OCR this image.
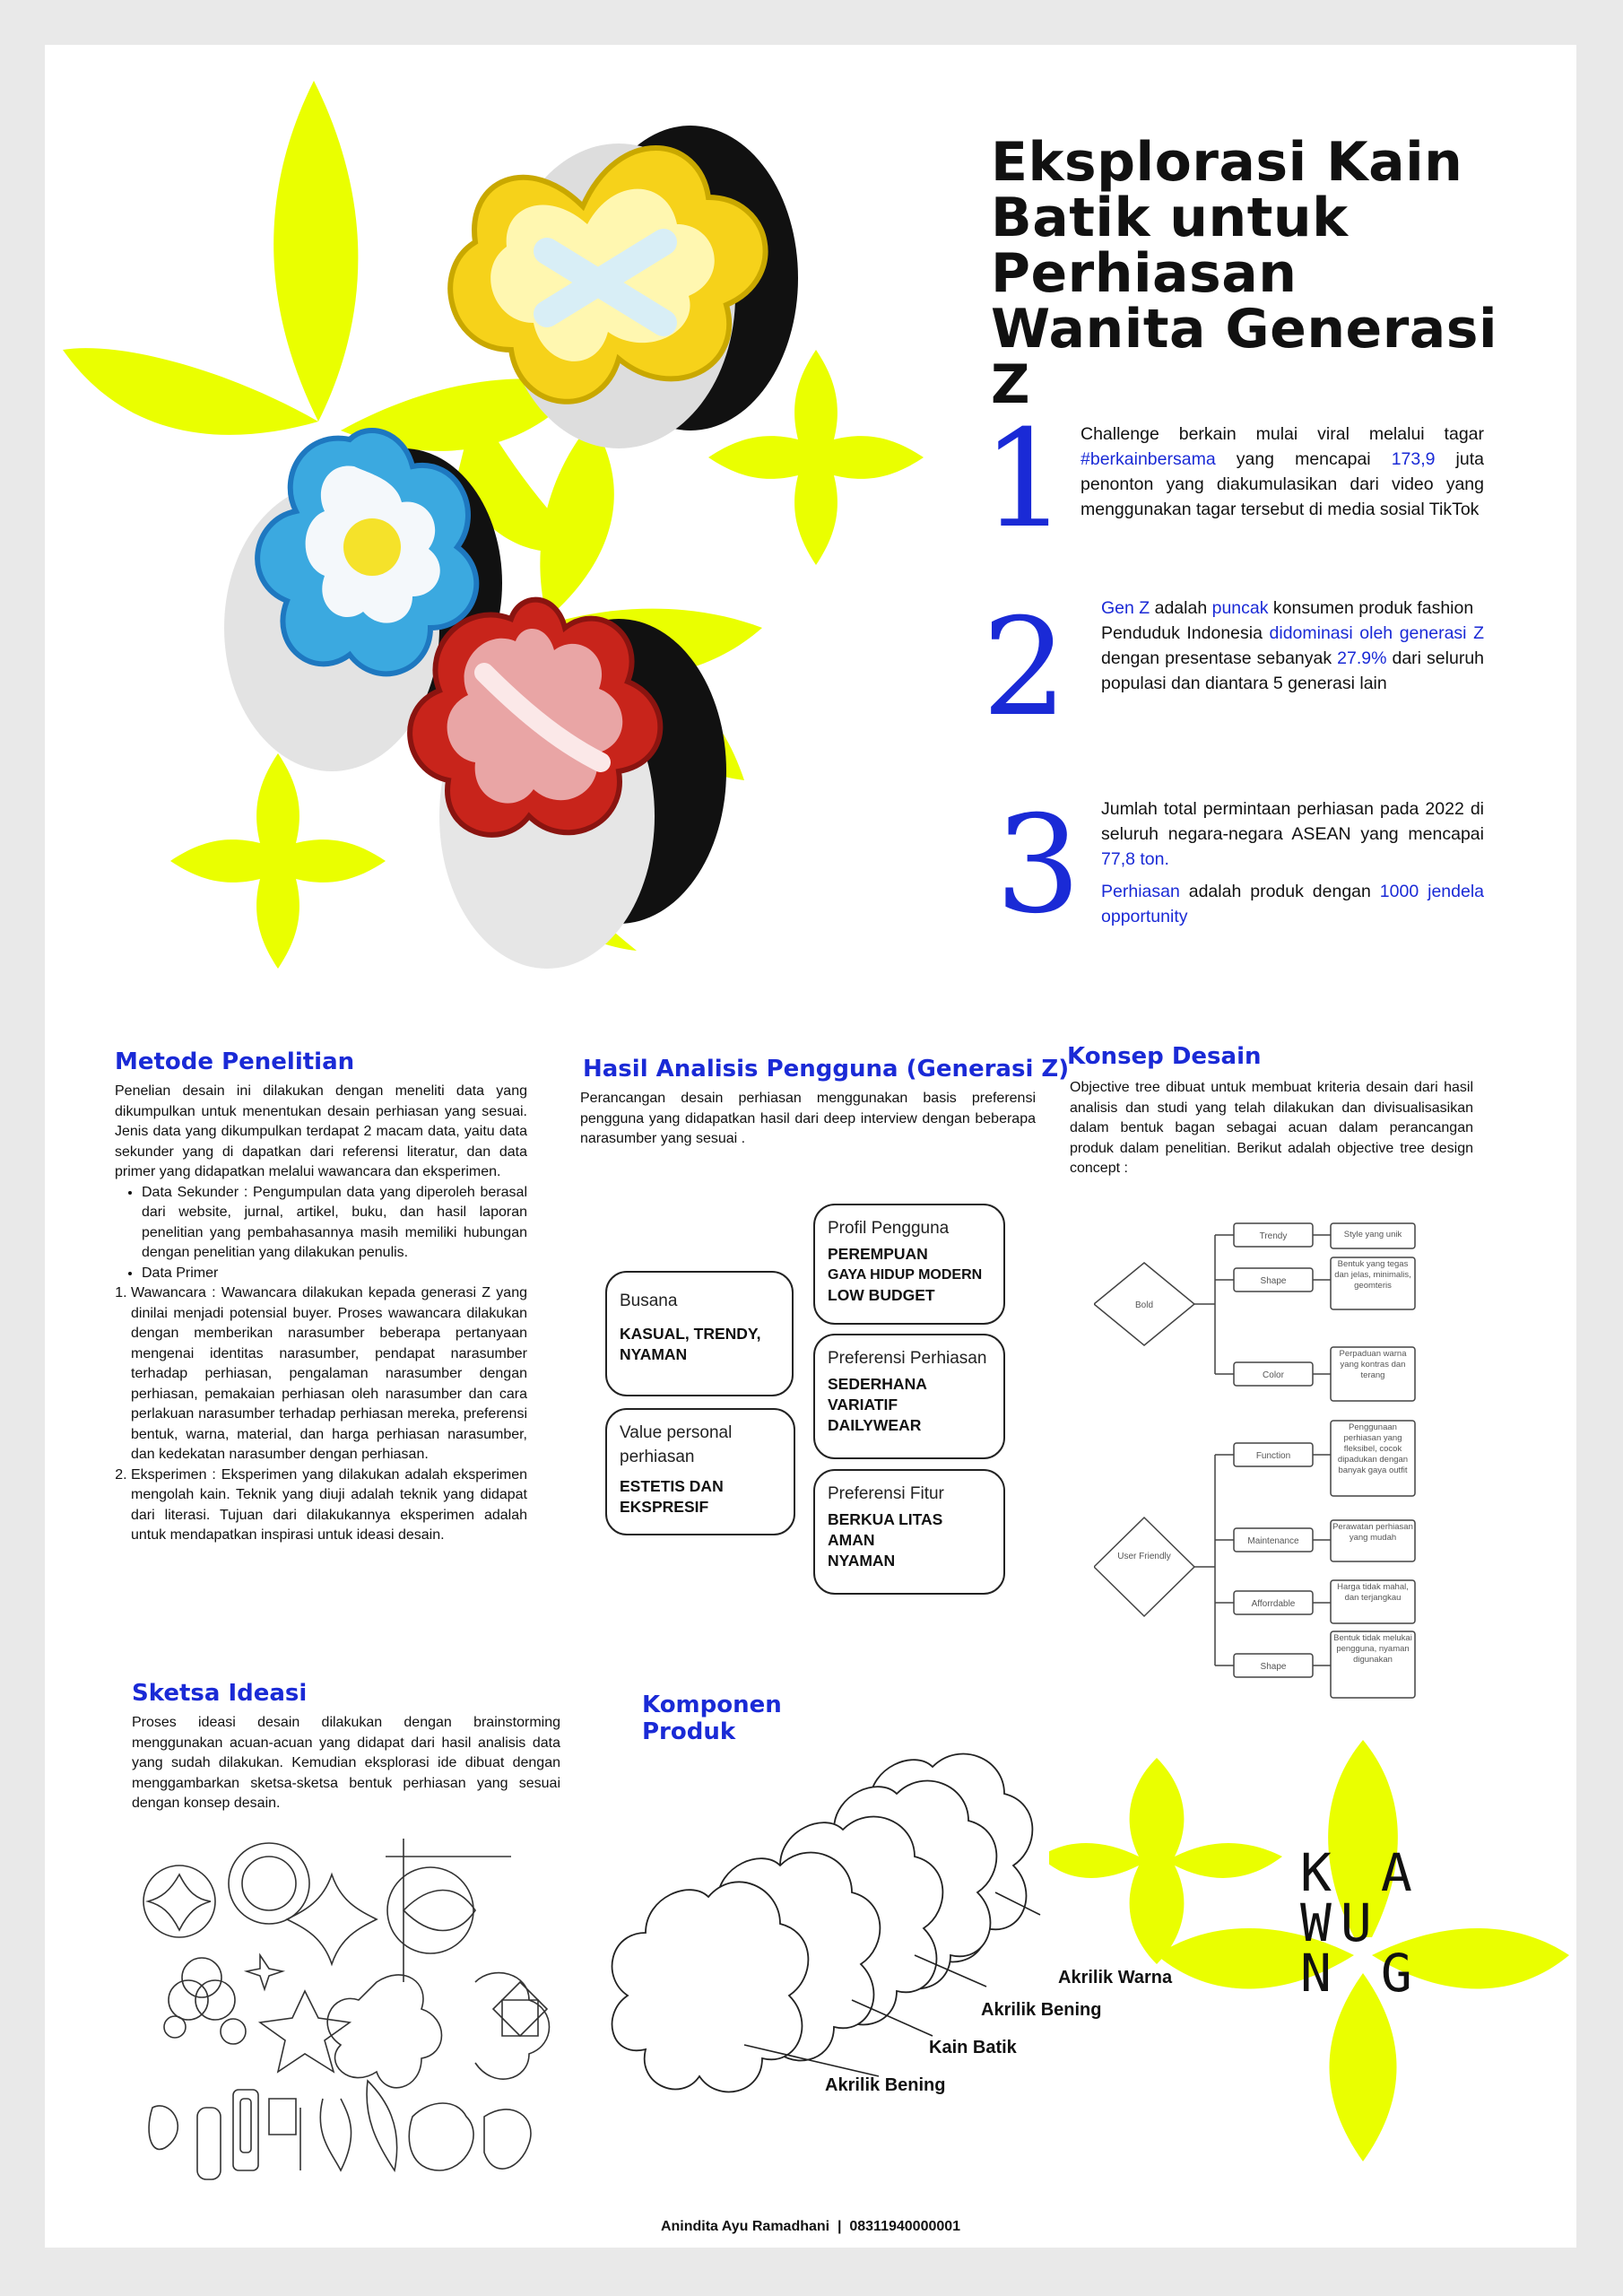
Eksplorasi Kain Batik untuk Perhiasan Wanita Generasi Z
1 Challenge berkain mulai viral melalui tagar #berkainbersama yang mencapai 173,9 juta penonton yang diakumulasikan dari video yang menggunakan tagar tersebut di media sosial TikTok

2 Gen Z adalah puncak konsumen produk fashion

Penduduk Indonesia didominasi oleh generasi Z dengan presentase sebanyak 27.9% dari seluruh populasi dan diantara 5 generasi lain

3 Jumlah total permintaan perhiasan pada 2022 di seluruh negara-negara ASEAN yang mencapai 77,8 ton.

Perhiasan adalah produk dengan 1000 jendela opportunity

Metode Penelitian

Penelian desain ini dilakukan dengan meneliti data yang dikumpulkan untuk menentukan desain perhiasan yang sesuai. Jenis data yang dikumpulkan terdapat 2 macam data, yaitu data sekunder yang di dapatkan dari referensi literatur, dan data primer yang didapatkan melalui wawancara dan eksperimen.

• Data Sekunder : Pengumpulan data yang diperoleh berasal dari website, jurnal, artikel, buku, dan hasil laporan penelitian yang pembahasannya masih memiliki hubungan dengan penelitian yang dilakukan penulis.
• Data Primer
1. Wawancara : Wawancara dilakukan kepada generasi Z yang dinilai menjadi potensial buyer. Proses wawancara dilakukan dengan memberikan narasumber beberapa pertanyaan mengenai identitas narasumber, pendapat narasumber terhadap perhiasan, pengalaman narasumber dengan perhiasan, pemakaian perhiasan oleh narasumber dan cara perlakuan narasumber terhadap perhiasan mereka, preferensi bentuk, warna, material, dan harga perhiasan narasumber, dan kedekatan narasumber dengan perhiasan.
2. Eksperimen : Eksperimen yang dilakukan adalah eksperimen mengolah kain. Teknik yang diuji adalah teknik yang didapat dari literasi. Tujuan dari dilakukannya eksperimen adalah untuk mendapatkan inspirasi untuk ideasi desain.
Hasil Analisis Pengguna (Generasi Z)
Perancangan desain perhiasan menggunakan basis preferensi pengguna yang didapatkan hasil dari deep interview dengan beberapa narasumber yang sesuai .
Busana
KASUAL, TRENDY, NYAMAN
Value personal perhiasan
ESTETIS DAN EKSPRESIF
Profil Pengguna
PEREMPUAN
GAYA HIDUP MODERN
LOW BUDGET
Preferensi Perhiasan
SEDERHANA
VARIATIF
DAILYWEAR
Preferensi Fitur
BERKUA LITAS
AMAN
NYAMAN
Konsep Desain
Objective tree dibuat untuk membuat kriteria desain dari hasil analisis dan studi yang telah dilakukan dan divisualisasikan dalam bentuk bagan sebagai acuan dalam perancangan produk dalam penelitian. Berikut adalah objective tree design concept :
Bold
User Friendly
Trendy
Shape
Color
Function
Maintenance
Afforrdable
Shape
Style yang unik
Bentuk yang tegas dan jelas, minimalis, geomteris
Perpaduan warna yang kontras dan terang
Penggunaan perhiasan yang fleksibel, cocok dipadukan dengan banyak gaya outfit
Perawatan perhiasan yang mudah
Harga tidak mahal, dan terjangkau
Bentuk tidak melukai pengguna, nyaman digunakan
Sketsa Ideasi
Proses ideasi desain dilakukan dengan brainstorming menggunakan acuan-acuan yang didapat dari hasil analisis data yang sudah dilakukan. Kemudian eksplorasi ide dibuat dengan menggambarkan sketsa-sketsa bentuk perhiasan yang sesuai dengan konsep desain.
Komponen
Produk
Akrilik Warna
Akrilik Bening
Kain Batik
Akrilik Bening
K A
WU
N G
Anindita Ayu Ramadhani  |  08311940000001
